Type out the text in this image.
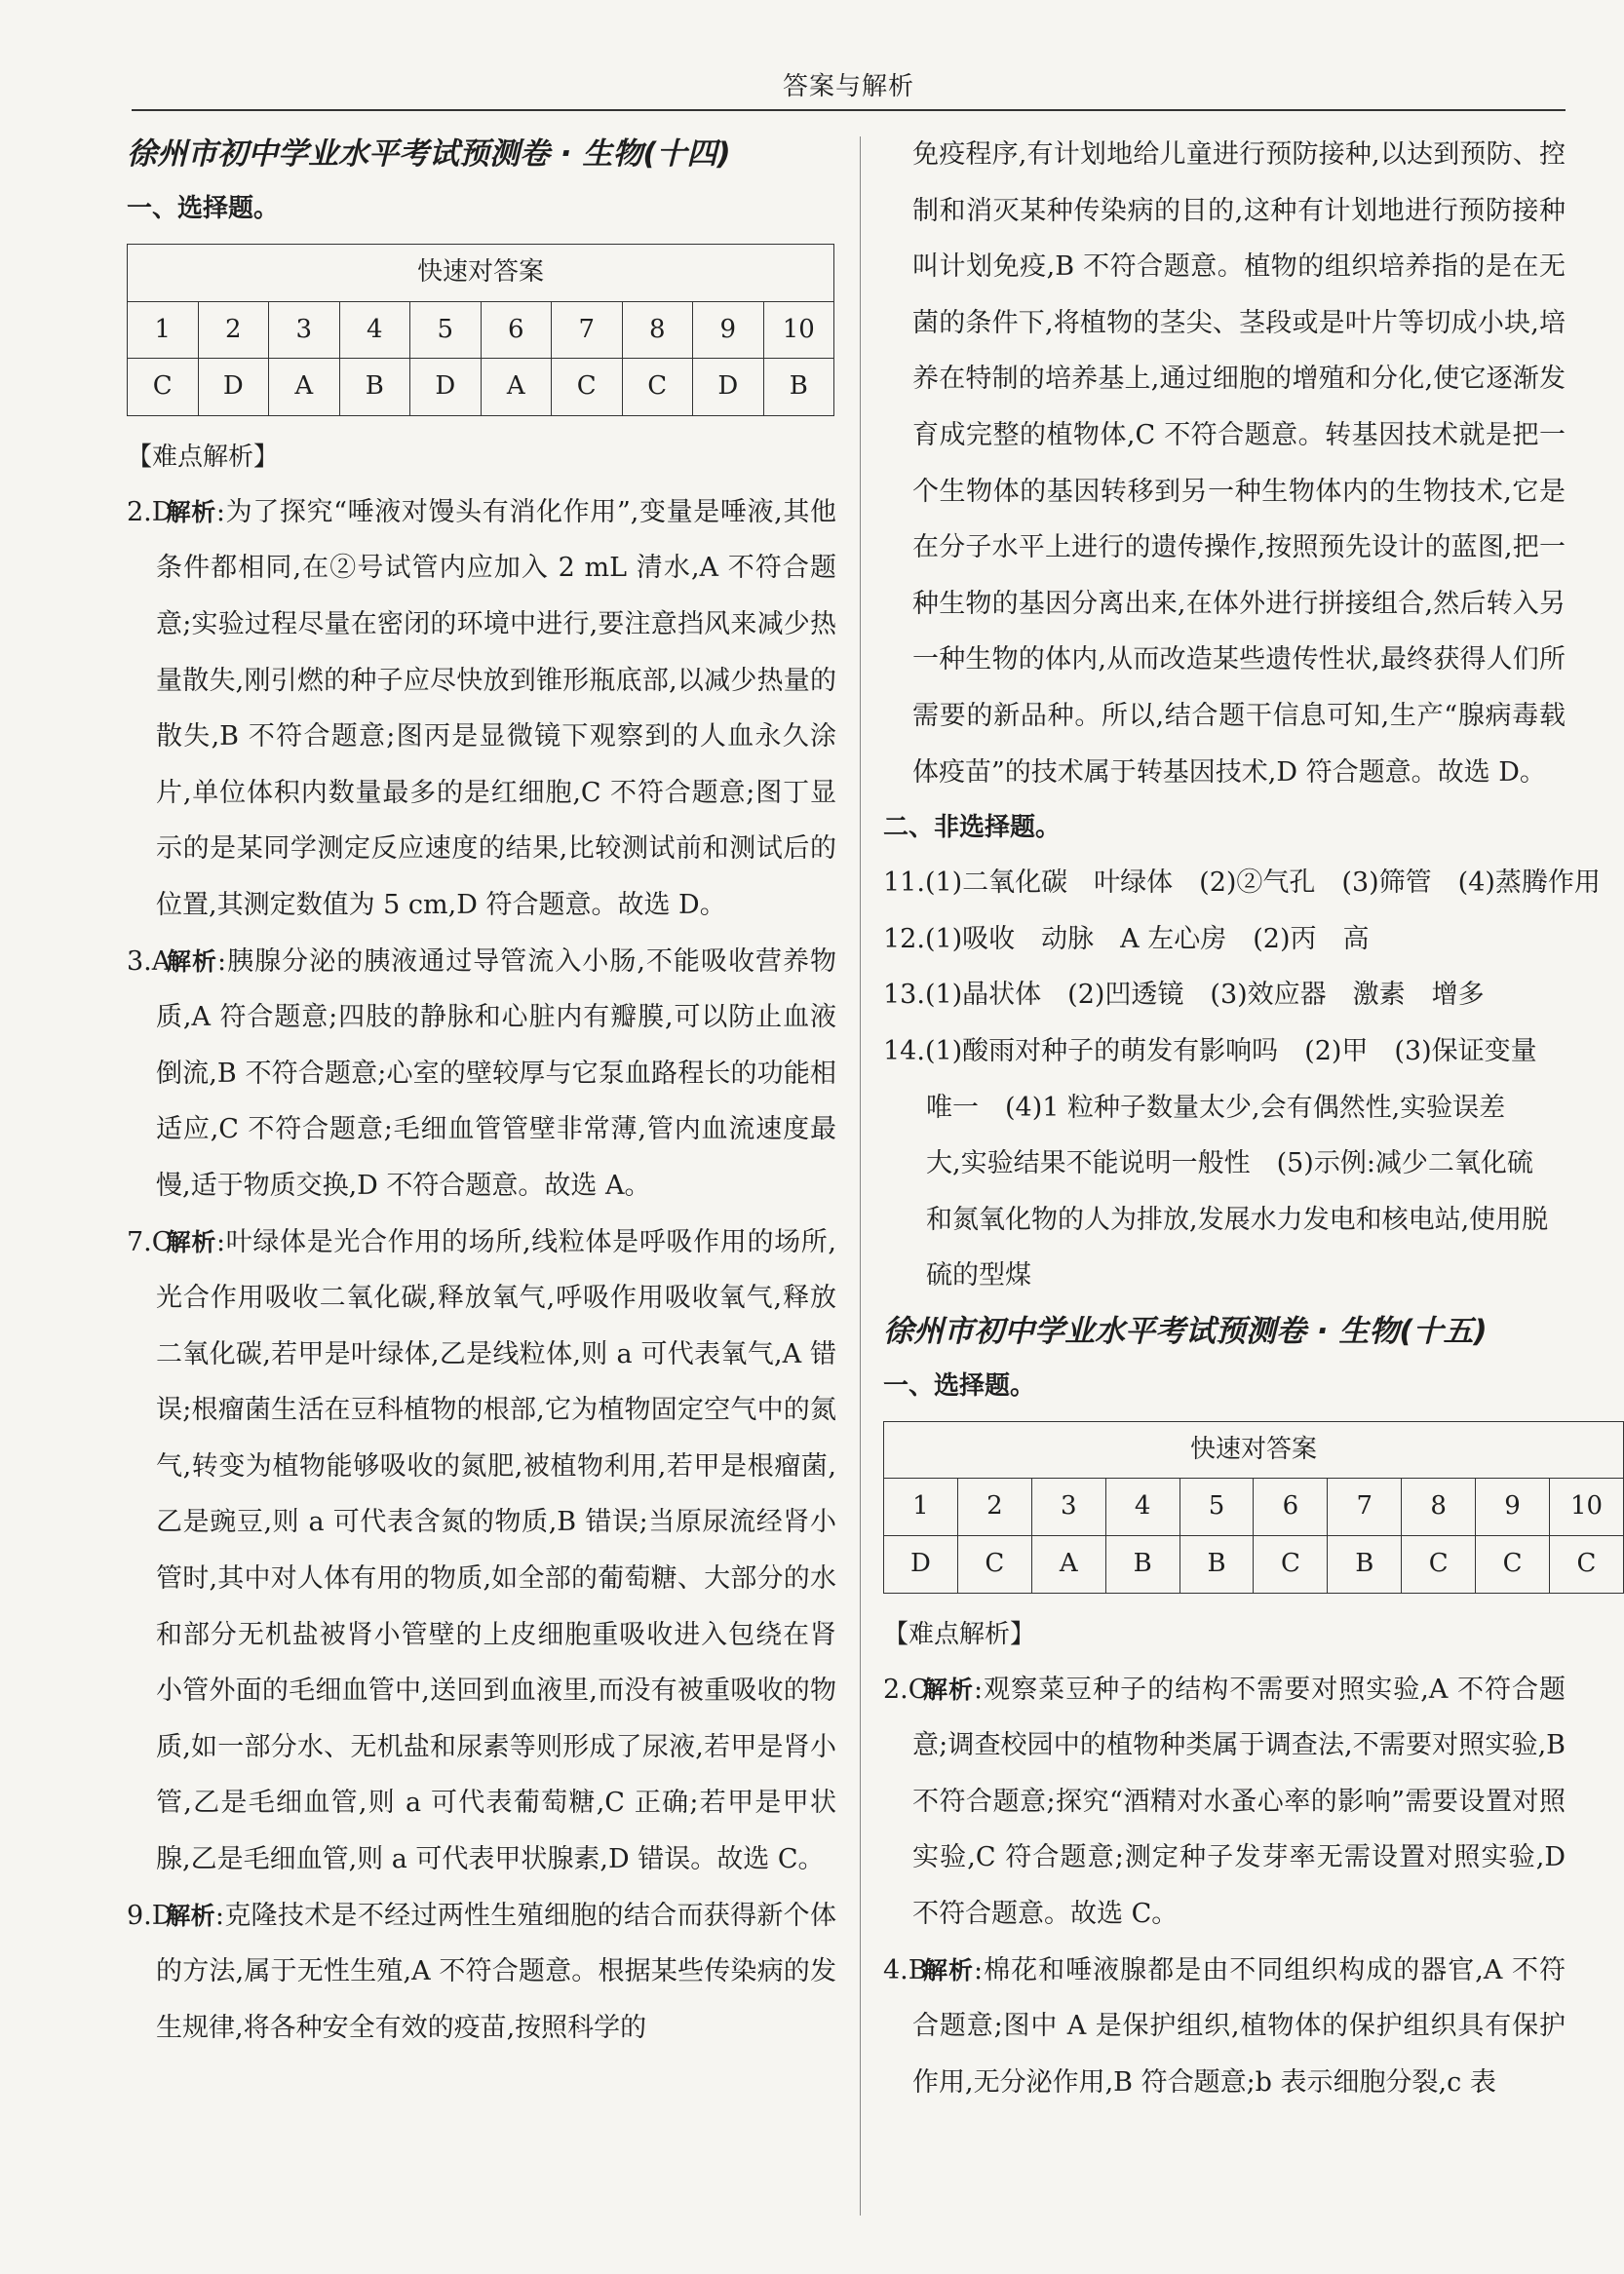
答案与解析
徐州市初中学业水平考试预测卷 · 生物(十四)
一、选择题。
快速对答案									
1	2	3	4	5	6	7	8	9	10
C	D	A	B	D	A	C	C	D	B
【难点解析】
2.D解析:为了探究“唾液对馒头有消化作用”,变量是唾液,其他条件都相同,在②号试管内应加入 2 mL 清水,A 不符合题意;实验过程尽量在密闭的环境中进行,要注意挡风来减少热量散失,刚引燃的种子应尽快放到锥形瓶底部,以减少热量的散失,B 不符合题意;图丙是显微镜下观察到的人血永久涂片,单位体积内数量最多的是红细胞,C 不符合题意;图丁显示的是某同学测定反应速度的结果,比较测试前和测试后的位置,其测定数值为 5 cm,D 符合题意。故选 D。
3.A解析:胰腺分泌的胰液通过导管流入小肠,不能吸收营养物质,A 符合题意;四肢的静脉和心脏内有瓣膜,可以防止血液倒流,B 不符合题意;心室的壁较厚与它泵血路程长的功能相适应,C 不符合题意;毛细血管管壁非常薄,管内血流速度最慢,适于物质交换,D 不符合题意。故选 A。
7.C解析:叶绿体是光合作用的场所,线粒体是呼吸作用的场所,光合作用吸收二氧化碳,释放氧气,呼吸作用吸收氧气,释放二氧化碳,若甲是叶绿体,乙是线粒体,则 a 可代表氧气,A 错误;根瘤菌生活在豆科植物的根部,它为植物固定空气中的氮气,转变为植物能够吸收的氮肥,被植物利用,若甲是根瘤菌,乙是豌豆,则 a 可代表含氮的物质,B 错误;当原尿流经肾小管时,其中对人体有用的物质,如全部的葡萄糖、大部分的水和部分无机盐被肾小管壁的上皮细胞重吸收进入包绕在肾小管外面的毛细血管中,送回到血液里,而没有被重吸收的物质,如一部分水、无机盐和尿素等则形成了尿液,若甲是肾小管,乙是毛细血管,则 a 可代表葡萄糖,C 正确;若甲是甲状腺,乙是毛细血管,则 a 可代表甲状腺素,D 错误。故选 C。
9.D解析:克隆技术是不经过两性生殖细胞的结合而获得新个体的方法,属于无性生殖,A 不符合题意。根据某些传染病的发生规律,将各种安全有效的疫苗,按照科学的
免疫程序,有计划地给儿童进行预防接种,以达到预防、控制和消灭某种传染病的目的,这种有计划地进行预防接种叫计划免疫,B 不符合题意。植物的组织培养指的是在无菌的条件下,将植物的茎尖、茎段或是叶片等切成小块,培养在特制的培养基上,通过细胞的增殖和分化,使它逐渐发育成完整的植物体,C 不符合题意。转基因技术就是把一个生物体的基因转移到另一种生物体内的生物技术,它是在分子水平上进行的遗传操作,按照预先设计的蓝图,把一种生物的基因分离出来,在体外进行拼接组合,然后转入另一种生物的体内,从而改造某些遗传性状,最终获得人们所需要的新品种。所以,结合题干信息可知,生产“腺病毒载体疫苗”的技术属于转基因技术,D 符合题意。故选 D。
二、非选择题。
11.(1)二氧化碳　叶绿体　(2)②气孔　(3)筛管　(4)蒸腾作用
12.(1)吸收　动脉　A 左心房　(2)丙　高
13.(1)晶状体　(2)凹透镜　(3)效应器　激素　增多
14.(1)酸雨对种子的萌发有影响吗　(2)甲　(3)保证变量
唯一　(4)1 粒种子数量太少,会有偶然性,实验误差
大,实验结果不能说明一般性　(5)示例:减少二氧化硫
和氮氧化物的人为排放,发展水力发电和核电站,使用脱
硫的型煤
徐州市初中学业水平考试预测卷 · 生物(十五)
一、选择题。
快速对答案									
1	2	3	4	5	6	7	8	9	10
D	C	A	B	B	C	B	C	C	C
【难点解析】
2.C解析:观察菜豆种子的结构不需要对照实验,A 不符合题意;调查校园中的植物种类属于调查法,不需要对照实验,B 不符合题意;探究“酒精对水蚤心率的影响”需要设置对照实验,C 符合题意;测定种子发芽率无需设置对照实验,D 不符合题意。故选 C。
4.B解析:棉花和唾液腺都是由不同组织构成的器官,A 不符合题意;图中 A 是保护组织,植物体的保护组织具有保护作用,无分泌作用,B 符合题意;b 表示细胞分裂,c 表
